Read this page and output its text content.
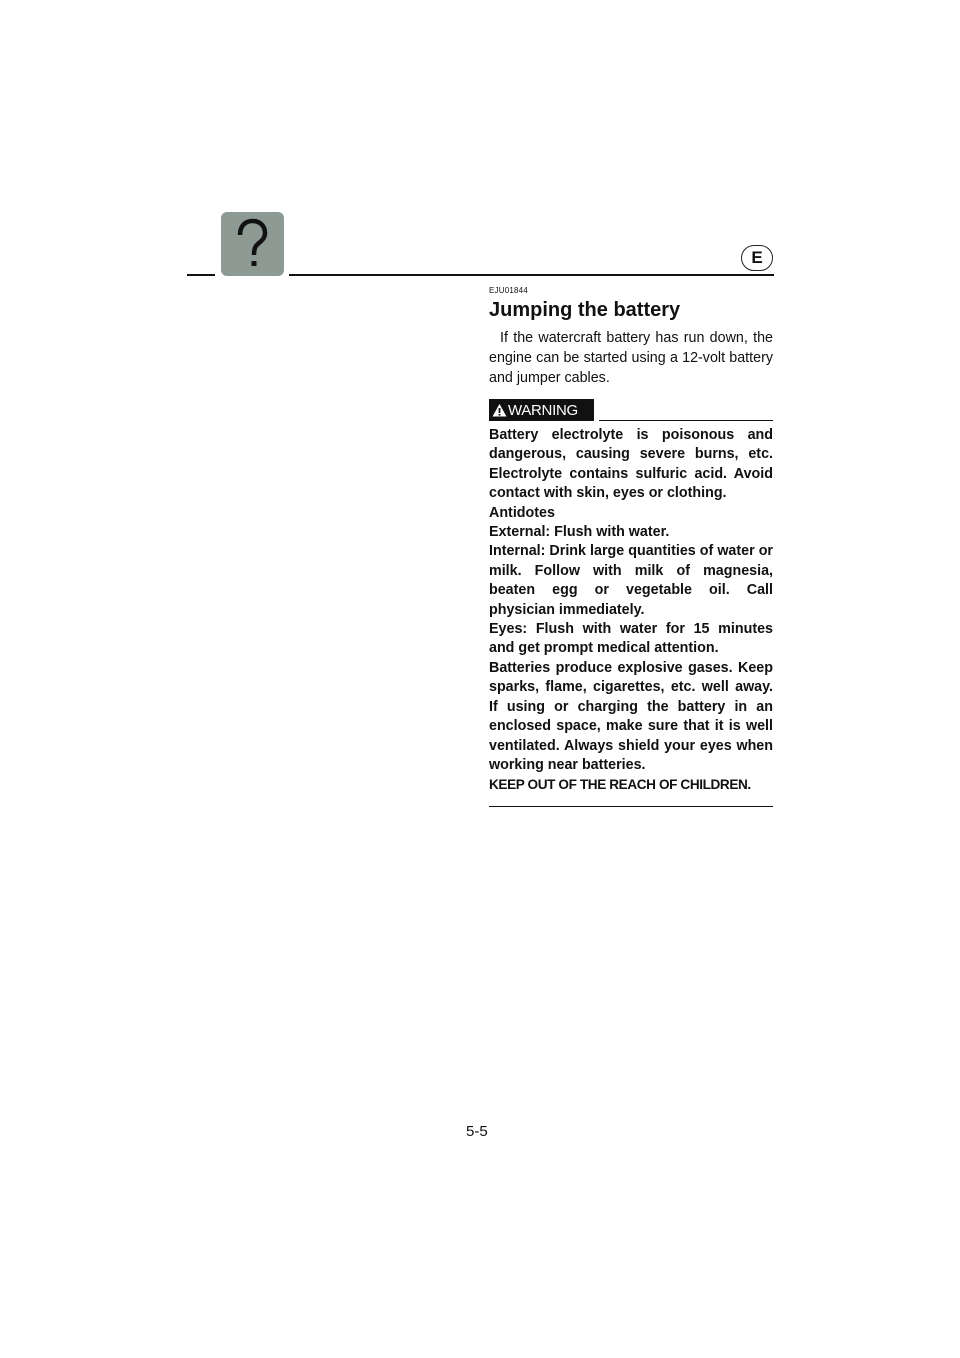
E
EJU01844
Jumping the battery

If the watercraft battery has run down, the engine can be started using a 12-volt battery and jumper cables.

WARNING

Battery electrolyte is poisonous and dangerous, causing severe burns, etc. Electrolyte contains sulfuric acid. Avoid contact with skin, eyes or clothing.

Antidotes

External: Flush with water.

Internal: Drink large quantities of water or milk. Follow with milk of magnesia, beaten egg or vegetable oil. Call physician immediately.

Eyes: Flush with water for 15 minutes and get prompt medical attention.

Batteries produce explosive gases. Keep sparks, flame, cigarettes, etc. well away. If using or charging the battery in an enclosed space, make sure that it is well ventilated. Always shield your eyes when working near batteries.

KEEP OUT OF THE REACH OF CHILDREN.

5-5
